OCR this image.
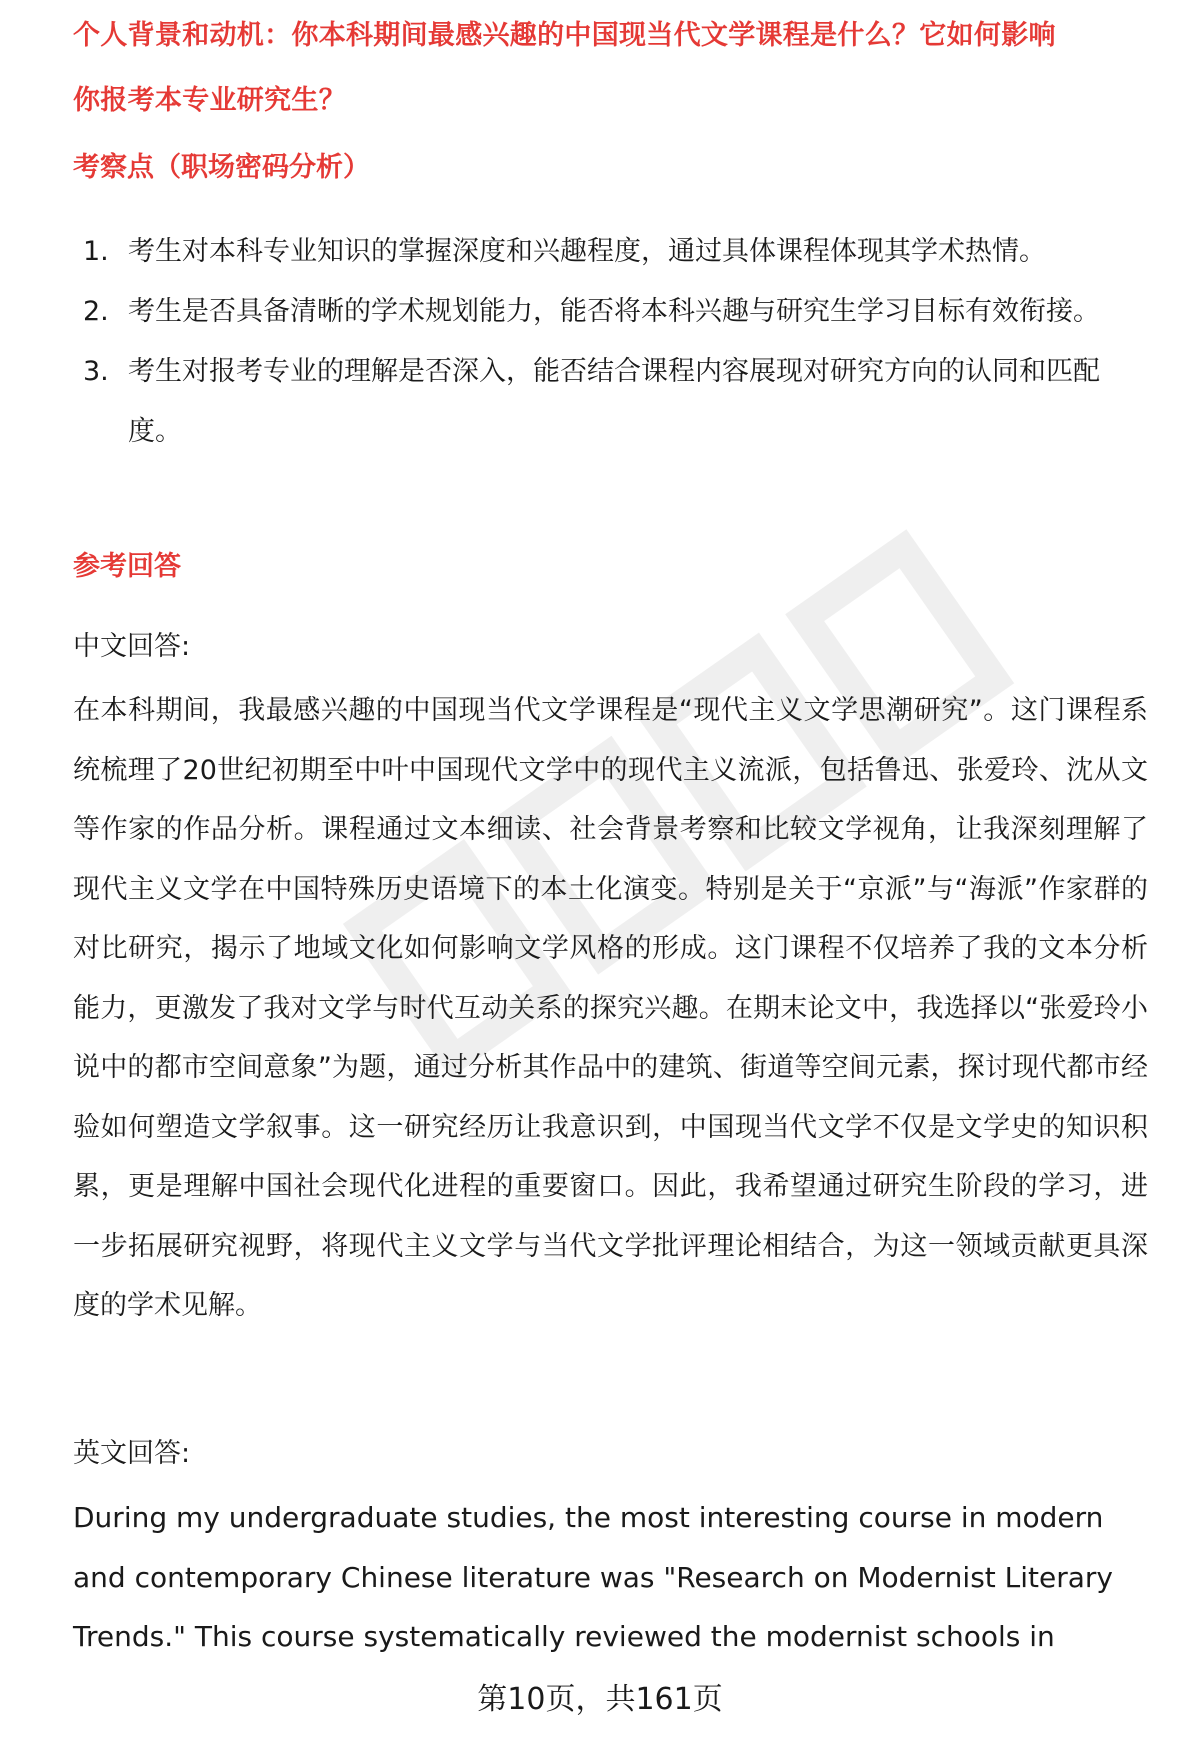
个人背景和动机：你本科期间最感兴趣的中国现当代文学课程是什么？它如何影响
你报考本专业研究生？
考察点（职场密码分析）
1. 考生对本科专业知识的掌握深度和兴趣程度，通过具体课程体现其学术热情。
2. 考生是否具备清晰的学术规划能力，能否将本科兴趣与研究生学习目标有效衔接。
3. 考生对报考专业的理解是否深入，能否结合课程内容展现对研究方向的认同和匹配度。
参考回答
中文回答:

在本科期间，我最感兴趣的中国现当代文学课程是“现代主义文学思潮研究”。这门课程系统梳理了20世纪初期至中叶中国现代文学中的现代主义流派，包括鲁迅、张爱玲、沈从文等作家的作品分析。课程通过文本细读、社会背景考察和比较文学视角，让我深刻理解了现代主义文学在中国特殊历史语境下的本土化演变。特别是关于“京派”与“海派”作家群的对比研究，揭示了地域文化如何影响文学风格的形成。这门课程不仅培养了我的文本分析能力，更激发了我对文学与时代互动关系的探究兴趣。在期末论文中，我选择以“张爱玲小说中的都市空间意象”为题，通过分析其作品中的建筑、街道等空间元素，探讨现代都市经验如何塑造文学叙事。这一研究经历让我意识到，中国现当代文学不仅是文学史的知识积累，更是理解中国社会现代化进程的重要窗口。因此，我希望通过研究生阶段的学习，进一步拓展研究视野，将现代主义文学与当代文学批评理论相结合，为这一领域贡献更具深度的学术见解。

英文回答:

During my undergraduate studies, the most interesting course in modern and contemporary Chinese literature was "Research on Modernist Literary Trends." This course systematically reviewed the modernist schools in

第10页，共161页
